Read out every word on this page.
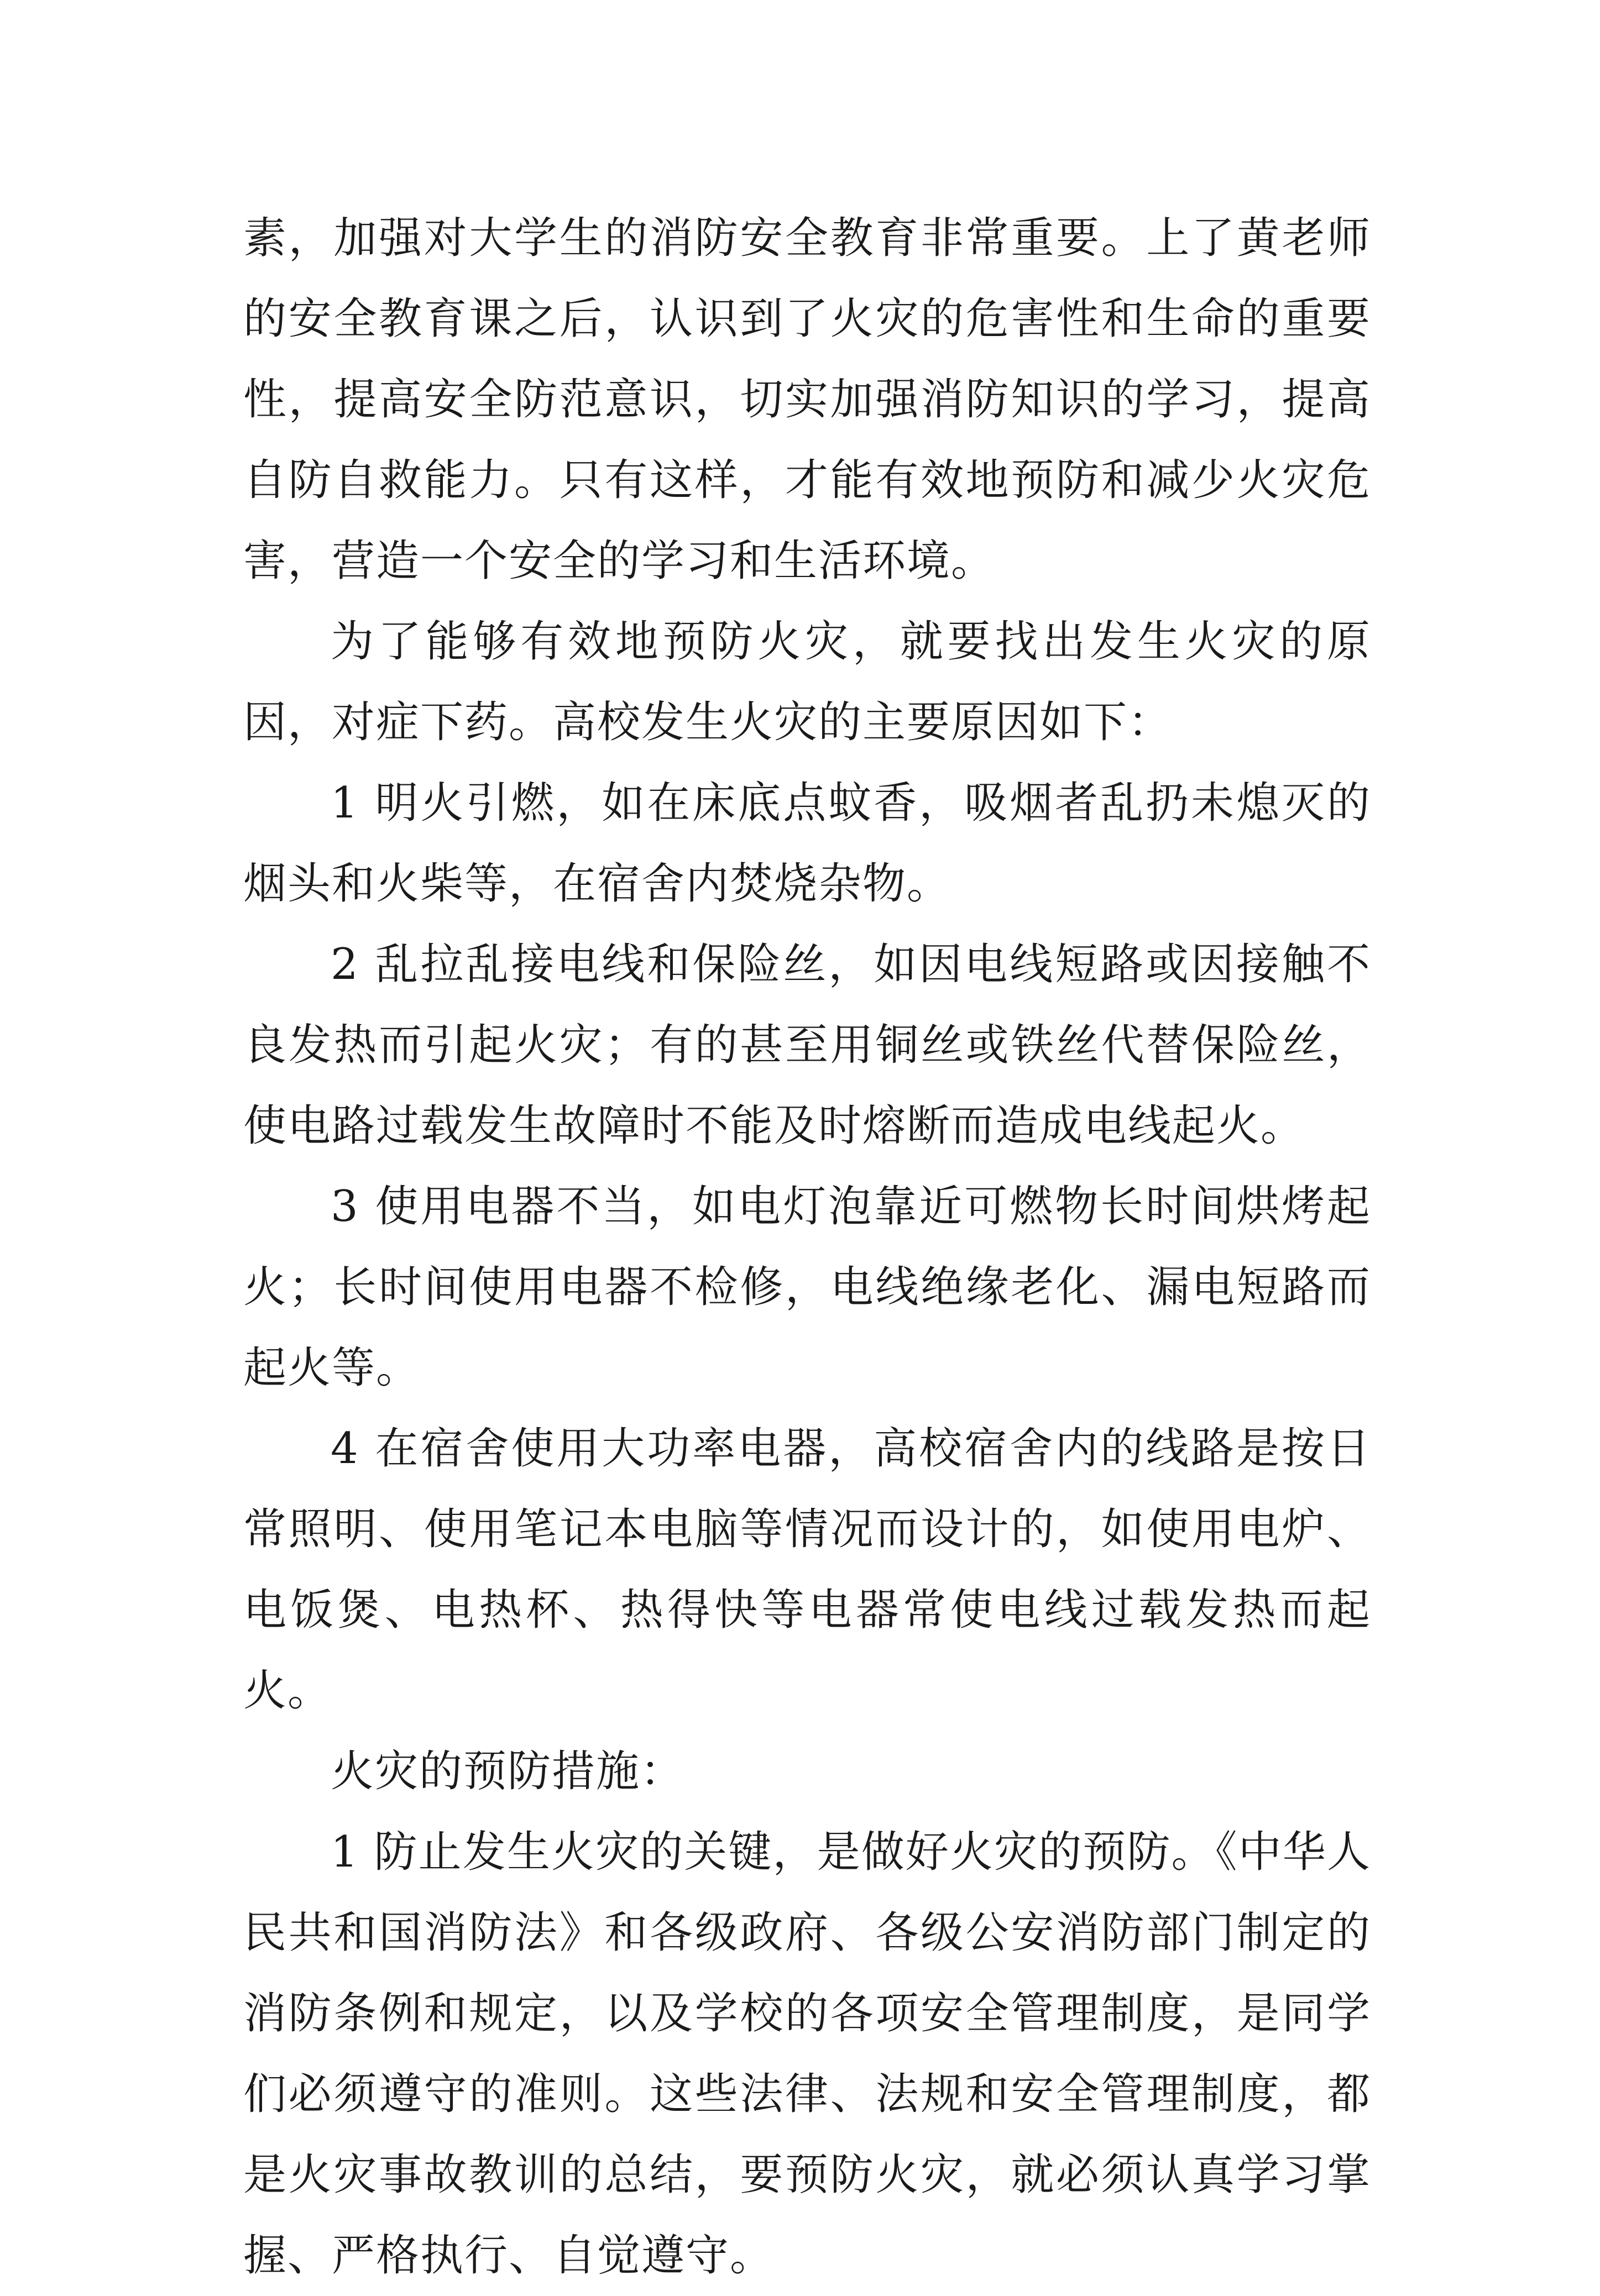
素，加强对大学生的消防安全教育非常重要。上了黄老师的安全教育课之后，认识到了火灾的危害性和生命的重要性，提高安全防范意识，切实加强消防知识的学习，提高自防自救能力。只有这样，才能有效地预防和减少火灾危害，营造一个安全的学习和生活环境。

为了能够有效地预防火灾，就要找出发生火灾的原因，对症下药。高校发生火灾的主要原因如下：

1 明火引燃，如在床底点蚊香，吸烟者乱扔未熄灭的烟头和火柴等，在宿舍内焚烧杂物。

2 乱拉乱接电线和保险丝，如因电线短路或因接触不良发热而引起火灾；有的甚至用铜丝或铁丝代替保险丝，使电路过载发生故障时不能及时熔断而造成电线起火。

3 使用电器不当，如电灯泡靠近可燃物长时间烘烤起火；长时间使用电器不检修，电线绝缘老化、漏电短路而起火等。

4 在宿舍使用大功率电器，高校宿舍内的线路是按日常照明、使用笔记本电脑等情况而设计的，如使用电炉、电饭煲、电热杯、热得快等电器常使电线过载发热而起火。

火灾的预防措施：

1 防止发生火灾的关键，是做好火灾的预防。《中华人民共和国消防法》和各级政府、各级公安消防部门制定的消防条例和规定，以及学校的各项安全管理制度，是同学们必须遵守的准则。这些法律、法规和安全管理制度，都是火灾事故教训的总结，要预防火灾，就必须认真学习掌握、严格执行、自觉遵守。
